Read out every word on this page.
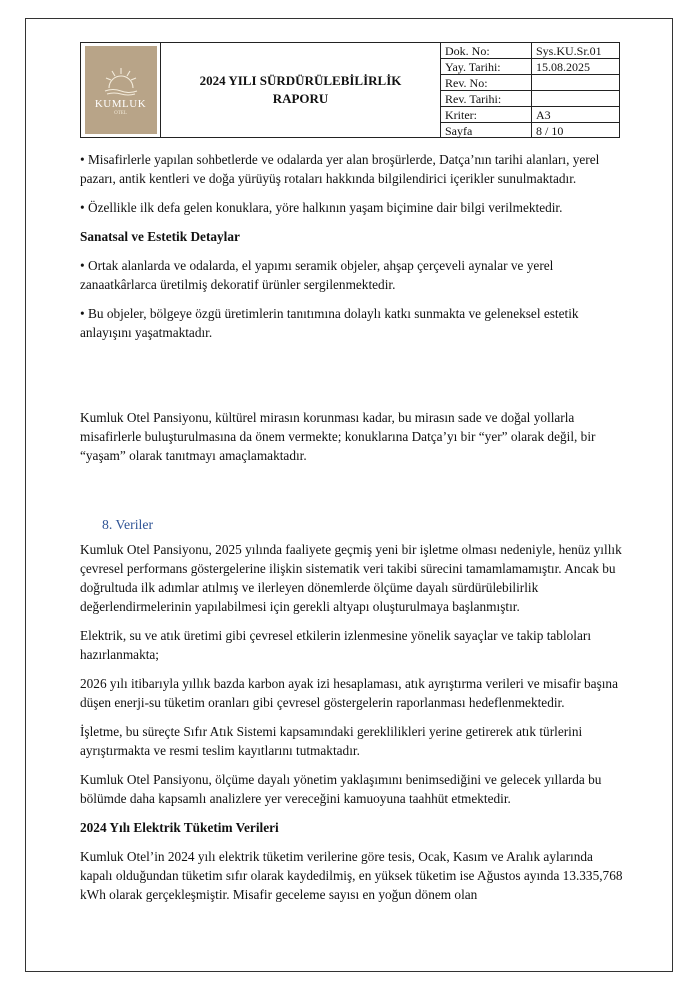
KUMLUK
OTEL
2024 YILI SÜRDÜRÜLEBİLİRLİK
RAPORU
Dok. No:	Sys.KU.Sr.01
Yay. Tarihi:	15.08.2025
Rev. No:	
Rev. Tarihi:	
Kriter:	A3
Sayfa	8 / 10

• Misafirlerle yapılan sohbetlerde ve odalarda yer alan broşürlerde, Datça’nın tarihi alanları, yerel pazarı, antik kentleri ve doğa yürüyüş rotaları hakkında bilgilendirici içerikler sunulmaktadır.

• Özellikle ilk defa gelen konuklara, yöre halkının yaşam biçimine dair bilgi verilmektedir.

Sanatsal ve Estetik Detaylar

• Ortak alanlarda ve odalarda, el yapımı seramik objeler, ahşap çerçeveli aynalar ve yerel zanaatkârlarca üretilmiş dekoratif ürünler sergilenmektedir.

• Bu objeler, bölgeye özgü üretimlerin tanıtımına dolaylı katkı sunmakta ve geleneksel estetik anlayışını yaşatmaktadır.

Kumluk Otel Pansiyonu, kültürel mirasın korunması kadar, bu mirasın sade ve doğal yollarla misafirlerle buluşturulmasına da önem vermekte; konuklarına Datça’yı bir “yer” olarak değil, bir “yaşam” olarak tanıtmayı amaçlamaktadır.

8. Veriler

Kumluk Otel Pansiyonu, 2025 yılında faaliyete geçmiş yeni bir işletme olması nedeniyle, henüz yıllık çevresel performans göstergelerine ilişkin sistematik veri takibi sürecini tamamlamamıştır. Ancak bu doğrultuda ilk adımlar atılmış ve ilerleyen dönemlerde ölçüme dayalı sürdürülebilirlik değerlendirmelerinin yapılabilmesi için gerekli altyapı oluşturulmaya başlanmıştır.

Elektrik, su ve atık üretimi gibi çevresel etkilerin izlenmesine yönelik sayaçlar ve takip tabloları hazırlanmakta;

2026 yılı itibarıyla yıllık bazda karbon ayak izi hesaplaması, atık ayrıştırma verileri ve misafir başına düşen enerji-su tüketim oranları gibi çevresel göstergelerin raporlanması hedeflenmektedir.

İşletme, bu süreçte Sıfır Atık Sistemi kapsamındaki gereklilikleri yerine getirerek atık türlerini ayrıştırmakta ve resmi teslim kayıtlarını tutmaktadır.

Kumluk Otel Pansiyonu, ölçüme dayalı yönetim yaklaşımını benimsediğini ve gelecek yıllarda bu bölümde daha kapsamlı analizlere yer vereceğini kamuoyuna taahhüt etmektedir.

2024 Yılı Elektrik Tüketim Verileri

Kumluk Otel’in 2024 yılı elektrik tüketim verilerine göre tesis, Ocak, Kasım ve Aralık aylarında kapalı olduğundan tüketim sıfır olarak kaydedilmiş, en yüksek tüketim ise Ağustos ayında 13.335,768 kWh olarak gerçekleşmiştir. Misafir geceleme sayısı en yoğun dönem olan
